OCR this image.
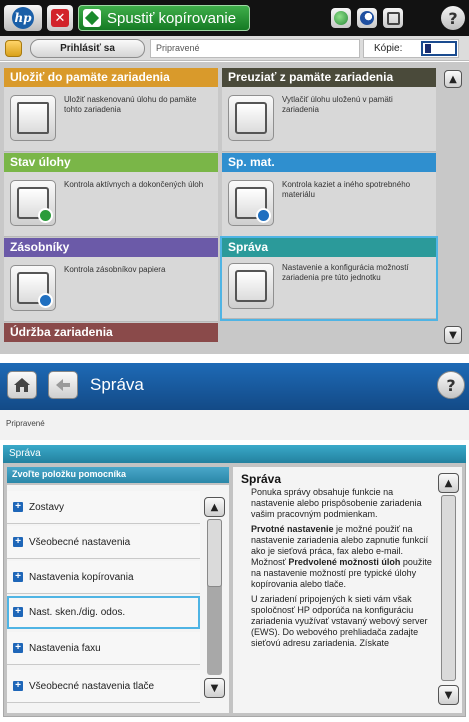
hp ✕	Spustiť kopírovanie	?
Prihlásiť sa	Pripravené	Kópie:
Uložiť do pamäte zariadenia
Uložiť naskenovanú úlohu do pamäte tohto zariadenia
Preuziať z pamäte zariadenia
Vytlačiť úlohu uloženú v pamäti zariadenia
Stav úlohy
Kontrola aktívnych a dokončených úloh
Sp. mat.
Kontrola kaziet a iného spotrebného materiálu
Zásobníky
Kontrola zásobníkov papiera
Správa
Nastavenie a konfigurácia možností zariadenia pre túto jednotku
Údržba zariadenia
▲
▼
Správa	?
Pripravené
Správa
Zvoľte položku pomocníka
+ Zostavy
+ Všeobecné nastavenia
+ Nastavenia kopírovania
+ Nast. sken./dig. odos.
+ Nastavenia faxu
+ Všeobecné nastavenia tlače
▲
▼
Správa

Ponuka správy obsahuje funkcie na nastavenie alebo prispôsobenie zariadenia vašim pracovným podmienkam.

Prvotné nastavenie je možné použiť na nastavenie zariadenia alebo zapnutie funkcií ako je sieťová práca, fax alebo e-mail. Možnosť Predvolené možnosti úloh použite na nastavenie možností pre typické úlohy kopírovania alebo tlače.

U zariadení pripojených k sieti vám však spoločnosť HP odporúča na konfiguráciu zariadenia využívať vstavaný webový server (EWS). Do webového prehliadača zadajte sieťovú adresu zariadenia. Získate

▲
▼
